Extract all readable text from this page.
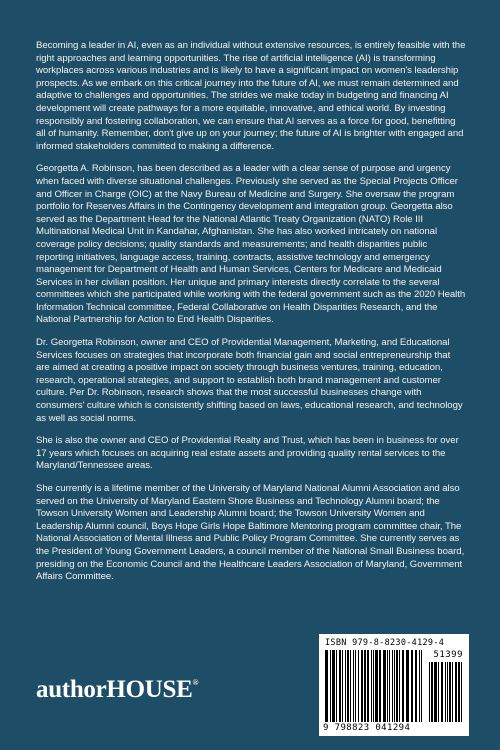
Becoming a leader in AI, even as an individual without extensive resources, is entirely feasible with the right approaches and learning opportunities. The rise of artificial intelligence (AI) is transforming workplaces across various industries and is likely to have a significant impact on women's leadership prospects. As we embark on this critical journey into the future of AI, we must remain determined and adaptive to challenges and opportunities. The strides we make today in budgeting and financing AI development will create pathways for a more equitable, innovative, and ethical world. By investing responsibly and fostering collaboration, we can ensure that AI serves as a force for good, benefitting all of humanity. Remember, don't give up on your journey; the future of AI is brighter with engaged and informed stakeholders committed to making a difference.

Georgetta A. Robinson, has been described as a leader with a clear sense of purpose and urgency when faced with diverse situational challenges. Previously she served as the Special Projects Officer and Officer in Charge (OIC) at the Navy Bureau of Medicine and Surgery. She oversaw the program portfolio for Reserves Affairs in the Contingency development and integration group. Georgetta also served as the Department Head for the National Atlantic Treaty Organization (NATO) Role III Multinational Medical Unit in Kandahar, Afghanistan. She has also worked intricately on national coverage policy decisions; quality standards and measurements; and health disparities public reporting initiatives, language access, training, contracts, assistive technology and emergency management for Department of Health and Human Services, Centers for Medicare and Medicaid Services in her civilian position. Her unique and primary interests directly correlate to the several committees which she participated while working with the federal government such as the 2020 Health Information Technical committee, Federal Collaborative on Health Disparities Research, and the National Partnership for Action to End Health Disparities.

Dr. Georgetta Robinson, owner and CEO of Providential Management, Marketing, and Educational Services focuses on strategies that incorporate both financial gain and social entrepreneurship that are aimed at creating a positive impact on society through business ventures, training, education, research, operational strategies, and support to establish both brand management and customer culture. Per Dr. Robinson, research shows that the most successful businesses change with consumers' culture which is consistently shifting based on laws, educational research, and technology as well as social norms.

She is also the owner and CEO of Providential Realty and Trust, which has been in business for over 17 years which focuses on acquiring real estate assets and providing quality rental services to the Maryland/Tennessee areas.

She currently is a lifetime member of the University of Maryland National Alumni Association and also served on the University of Maryland Eastern Shore Business and Technology Alumni board; the Towson University Women and Leadership Alumni board; the Towson University Women and Leadership Alumni council, Boys Hope Girls Hope Baltimore Mentoring program committee chair, The National Association of Mental Illness and Public Policy Program Committee. She currently serves as the President of Young Government Leaders, a council member of the National Small Business board, presiding on the Economic Council and the Healthcare Leaders Association of Maryland, Government Affairs Committee.

authorHOUSE®
ISBN 979-8-8230-4129-4
51399
9 798823 041294
